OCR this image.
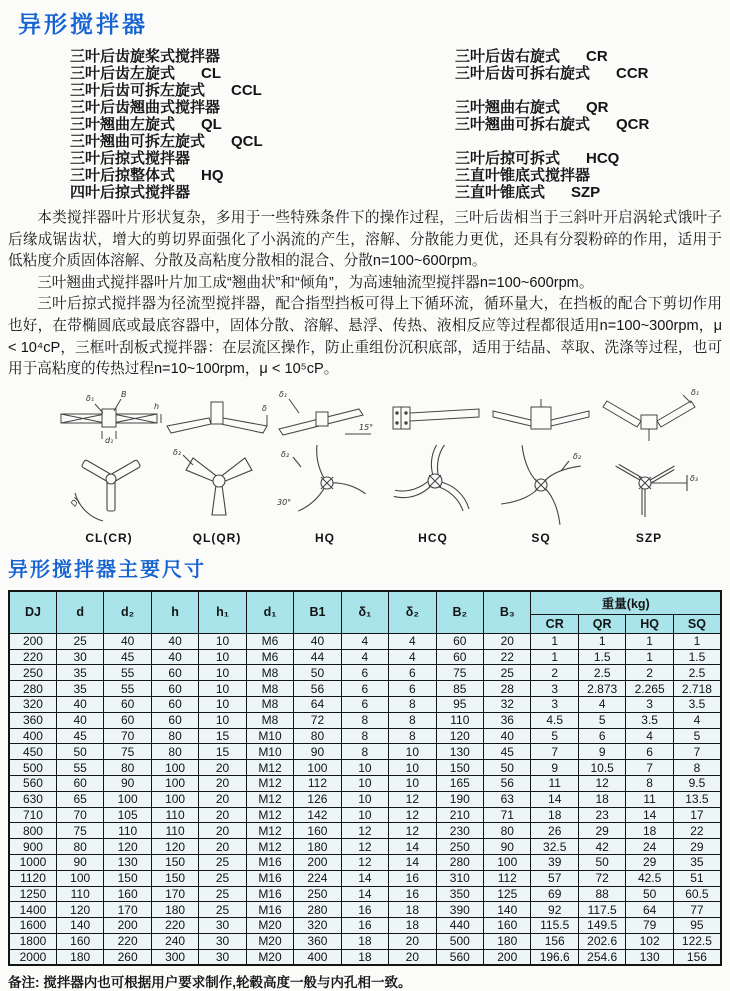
异形搅拌器
三叶后齿旋桨式搅拌器	三叶后齿右旋式 CR
三叶后齿左旋式 CL	三叶后齿可拆右旋式 CCR
三叶后齿可拆左旋式 CCL
三叶后齿翘曲式搅拌器	三叶翘曲右旋式 QR
三叶翘曲左旋式 QL	三叶翘曲可拆右旋式 QCR
三叶翘曲可拆左旋式 QCL
三叶后掠式搅拌器	三叶后掠可拆式 HCQ
三叶后掠整体式 HQ	三直叶锥底式搅拌器
四叶后掠式搅拌器	三直叶锥底式 SZP

本类搅拌器叶片形状复杂，多用于一些特殊条件下的操作过程，三叶后齿相当于三斜叶开启涡轮式饿叶子后缘成锯齿状，增大的剪切界面强化了小涡流的产生，溶解、分散能力更优，还具有分裂粉碎的作用，适用于低粘度介质固体溶解、分散及高粘度分散相的混合、分散n=100~600rpm。

三叶翘曲式搅拌器叶片加工成“翘曲状”和“倾角”，为高速轴流型搅拌器n=100~600rpm。

三叶后掠式搅拌器为径流型搅拌器，配合指型挡板可得上下循环流，循环量大，在挡板的配合下剪切作用也好，在带椭圆底或最底容器中，固体分散、溶解、悬浮、传热、液相反应等过程都很适用n=100~300rpm，μ < 10⁴cP，三框叶刮板式搅拌器：在层流区操作，防止重组份沉积底部，适用于结晶、萃取、洗涤等过程，也可用于高粘度的传热过程n=10~100rpm，μ < 10⁵cP。

δ₁	B
h
d₁
DJ
CL(CR)
δ
δ₂
QL(QR)
δ₁
15°
δ₂
30°
HQ	HCQ
δ₂
SQ
δ₁
δ₃
SZP
异形搅拌器主要尺寸
DJ	d	d₂	h	h₁	d₁	B1	δ₁	δ₂	B₂	B₃	重量(kg)			
											CR	QR	HQ	SQ
200	25	40	40	10	M6	40	4	4	60	20	1	1	1	1
220	30	45	40	10	M6	44	4	4	60	22	1	1.5	1	1.5
250	35	55	60	10	M8	50	6	6	75	25	2	2.5	2	2.5
280	35	55	60	10	M8	56	6	6	85	28	3	2.873	2.265	2.718
320	40	60	60	10	M8	64	6	8	95	32	3	4	3	3.5
360	40	60	60	10	M8	72	8	8	110	36	4.5	5	3.5	4
400	45	70	80	15	M10	80	8	8	120	40	5	6	4	5
450	50	75	80	15	M10	90	8	10	130	45	7	9	6	7
500	55	80	100	20	M12	100	10	10	150	50	9	10.5	7	8
560	60	90	100	20	M12	112	10	10	165	56	11	12	8	9.5
630	65	100	100	20	M12	126	10	12	190	63	14	18	11	13.5
710	70	105	110	20	M12	142	10	12	210	71	18	23	14	17
800	75	110	110	20	M12	160	12	12	230	80	26	29	18	22
900	80	120	120	20	M12	180	12	14	250	90	32.5	42	24	29
1000	90	130	150	25	M16	200	12	14	280	100	39	50	29	35
1120	100	150	150	25	M16	224	14	16	310	112	57	72	42.5	51
1250	110	160	170	25	M16	250	14	16	350	125	69	88	50	60.5
1400	120	170	180	25	M16	280	16	18	390	140	92	117.5	64	77
1600	140	200	220	30	M20	320	16	18	440	160	115.5	149.5	79	95
1800	160	220	240	30	M20	360	18	20	500	180	156	202.6	102	122.5
2000	180	260	300	30	M20	400	18	20	560	200	196.6	254.6	130	156

备注: 搅拌器内也可根据用户要求制作,轮毂高度一般与内孔相一致。
